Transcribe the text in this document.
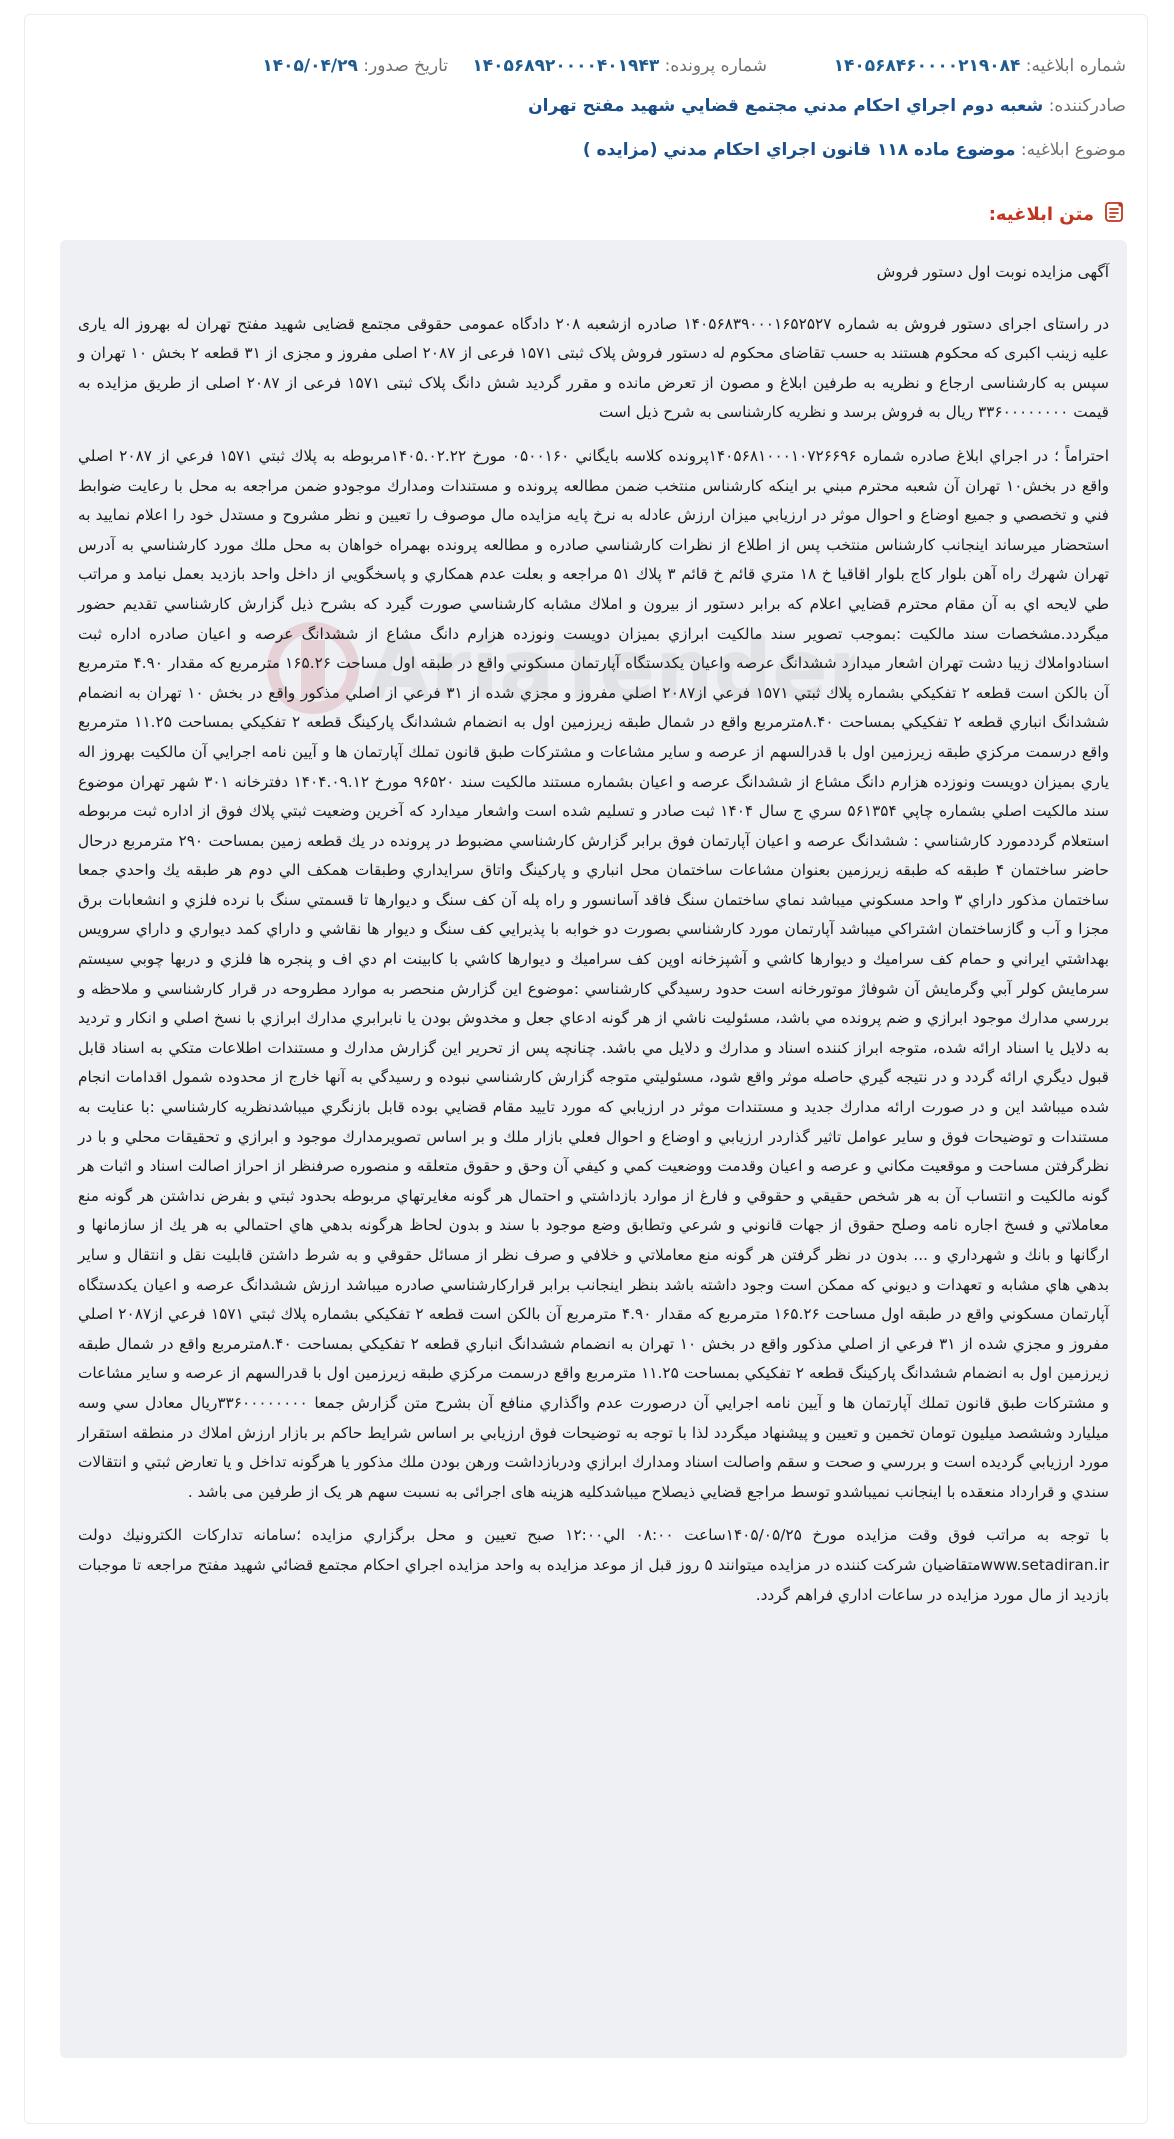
شماره ابلاغیه: ۱۴۰۵۶۸۴۶۰۰۰۰۲۱۹۰۸۴
شماره پرونده: ۱۴۰۵۶۸۹۲۰۰۰۰۴۰۱۹۴۳
تاریخ صدور: ۱۴۰۵/۰۴/۲۹
صادرکننده: شعبه دوم اجراي احكام مدني مجتمع قضايي شهيد مفتح تهران
موضوع ابلاغیه: موضوع ماده ۱۱۸ قانون اجراي احكام مدني (مزايده )
متن ابلاغیه:
AriaTender

آگهی مزایده نوبت اول دستور فروش

در راستای اجرای دستور فروش به شماره ۱۴۰۵۶۸۳۹۰۰۰۱۶۵۲۵۲۷ صادره ازشعبه ۲۰۸ دادگاه عمومی حقوقی مجتمع قضایی شهید مفتح تهران له بهروز اله یاری علیه زینب اکبری که محکوم هستند به حسب تقاضای محکوم له دستور فروش پلاک ثبتی ۱۵۷۱ فرعی از ۲۰۸۷ اصلی مفروز و مجزی از ۳۱ قطعه ۲ بخش ۱۰ تهران و سپس به کارشناسی ارجاع و نظریه به طرفین ابلاغ و مصون از تعرض مانده و مقرر گردید شش دانگ پلاک ثبتی ۱۵۷۱ فرعی از ۲۰۸۷ اصلی از طریق مزایده به قیمت ۳۳۶۰۰۰۰۰۰۰۰ ریال به فروش برسد و نظریه کارشناسی به شرح ذیل است

احتراماً ؛ در اجراي ابلاغ صادره شماره ۱۴۰۵۶۸۱۰۰۰۱۰۷۲۶۶۹۶پرونده كلاسه بايگاني ۰۵۰۰۱۶۰ مورخ ۱۴۰۵.۰۲.۲۲مربوطه به پلاك ثبتي ۱۵۷۱ فرعي از ۲۰۸۷ اصلي واقع در بخش۱۰ تهران آن شعبه محترم مبني بر اينكه كارشناس منتخب ضمن مطالعه پرونده و مستندات ومدارك موجودو ضمن مراجعه به محل با رعايت ضوابط فني و تخصصي و جميع اوضاع و احوال موثر در ارزيابي ميزان ارزش عادله به نرخ پايه مزايده مال موصوف را تعيين و نظر مشروح و مستدل خود را اعلام نماييد به استحضار ميرساند اينجانب كارشناس منتخب پس از اطلاع از نظرات كارشناسي صادره و مطالعه پرونده بهمراه خواهان به محل ملك مورد كارشناسي به آدرس تهران شهرك راه آهن بلوار كاج بلوار اقاقيا خ ۱۸ متري قائم خ قائم ۳ پلاك ۵۱ مراجعه و بعلت عدم همكاري و پاسخگويي از داخل واحد بازديد بعمل نيامد و مراتب طي لايحه اي به آن مقام محترم قضايي اعلام كه برابر دستور از بيرون و املاك مشابه كارشناسي صورت گيرد كه بشرح ذيل گزارش كارشناسي تقديم حضور ميگردد.مشخصات سند مالكيت :بموجب تصوير سند مالكيت ابرازي بميزان دويست ونوزده هزارم دانگ مشاع از ششدانگ عرصه و اعيان صادره اداره ثبت اسنادواملاك زيبا دشت تهران اشعار ميدارد ششدانگ عرصه واعيان يكدستگاه آپارتمان مسكوني واقع در طبقه اول مساحت ۱۶۵.۲۶ مترمربع كه مقدار ۴.۹۰ مترمربع آن بالكن است قطعه ۲ تفكيكي بشماره پلاك ثبتي ۱۵۷۱ فرعي از۲۰۸۷ اصلي مفروز و مجزي شده از ۳۱ فرعي از اصلي مذكور واقع در بخش ۱۰ تهران به انضمام ششدانگ انباري قطعه ۲ تفكيكي بمساحت ۸.۴۰مترمربع واقع در شمال طبقه زيرزمين اول به انضمام ششدانگ پاركينگ قطعه ۲ تفكيكي بمساحت ۱۱.۲۵ مترمربع واقع درسمت مركزي طبقه زيرزمين اول با قدرالسهم از عرصه و ساير مشاعات و مشتركات طبق قانون تملك آپارتمان ها و آيين نامه اجرايي آن مالكيت بهروز اله ياري بميزان دويست ونوزده هزارم دانگ مشاع از ششدانگ عرصه و اعيان بشماره مستند مالكيت سند ۹۶۵۲۰ مورخ ۱۴۰۴.۰۹.۱۲ دفترخانه ۳۰۱ شهر تهران موضوع سند مالكيت اصلي بشماره چاپي ۵۶۱۳۵۴ سري ج سال ۱۴۰۴ ثبت صادر و تسليم شده است واشعار ميدارد كه آخرين وضعيت ثبتي پلاك فوق از اداره ثبت مربوطه استعلام گرددمورد كارشناسي : ششدانگ عرصه و اعيان آپارتمان فوق برابر گزارش كارشناسي مضبوط در پرونده در يك قطعه زمين بمساحت ۲۹۰ مترمربع درحال حاضر ساختمان ۴ طبقه كه طبقه زيرزمين بعنوان مشاعات ساختمان محل انباري و پاركينگ واتاق سرايداري وطبقات همكف الي دوم هر طبقه يك واحدي جمعا ساختمان مذكور داراي ۳ واحد مسكوني ميباشد نماي ساختمان سنگ فاقد آسانسور و راه پله آن كف سنگ و ديوارها تا قسمتي سنگ با نرده فلزي و انشعابات برق مجزا و آب و گازساختمان اشتراكي ميباشد آپارتمان مورد كارشناسي بصورت دو خوابه با پذيرايي كف سنگ و ديوار ها نقاشي و داراي كمد ديواري و داراي سرويس بهداشتي ايراني و حمام كف سراميك و ديوارها كاشي و آشپزخانه اوپن كف سراميك و ديوارها كاشي با كابينت ام دي اف و پنجره ها فلزي و دربها چوبي سيستم سرمايش كولر آبي وگرمايش آن شوفاژ موتورخانه است حدود رسيدگي كارشناسي :موضوع اين گزارش منحصر به موارد مطروحه در قرار كارشناسي و ملاحظه و بررسي مدارك موجود ابرازي و ضم پرونده مي باشد، مسئوليت ناشي از هر گونه ادعاي جعل و مخدوش بودن يا نابرابري مدارك ابرازي با نسخ اصلي و انكار و ترديد به دلايل يا اسناد ارائه شده، متوجه ابراز كننده اسناد و مدارك و دلايل مي باشد. چنانچه پس از تحرير اين گزارش مدارك و مستندات اطلاعات متكي به اسناد قابل قبول ديگري ارائه گردد و در نتيجه گيري حاصله موثر واقع شود، مسئوليتي متوجه گزارش كارشناسي نبوده و رسيدگي به آنها خارج از محدوده شمول اقدامات انجام شده ميباشد اين و در صورت ارائه مدارك جديد و مستندات موثر در ارزيابي كه مورد تاييد مقام قضايي بوده قابل بازنگري ميباشدنظريه كارشناسي :با عنايت به مستندات و توضيحات فوق و ساير عوامل تاثير گذاردر ارزيابي و اوضاع و احوال فعلي بازار ملك و بر اساس تصويرمدارك موجود و ابرازي و تحقيقات محلي و با در نظرگرفتن مساحت و موقعيت مكاني و عرصه و اعيان وقدمت ووضعيت كمي و كيفي آن وحق و حقوق متعلقه و منصوره صرفنظر از احراز اصالت اسناد و اثبات هر گونه مالكيت و انتساب آن به هر شخص حقيقي و حقوقي و فارغ از موارد بازداشتي و احتمال هر گونه مغايرتهاي مربوطه بحدود ثبتي و بفرض نداشتن هر گونه منع معاملاتي و فسخ اجاره نامه وصلح حقوق از جهات قانوني و شرعي وتطابق وضع موجود با سند و بدون لحاظ هرگونه بدهي هاي احتمالي به هر يك از سازمانها و ارگانها و بانك و شهرداري و ... بدون در نظر گرفتن هر گونه منع معاملاتي و خلافي و صرف نظر از مسائل حقوقي و به شرط داشتن قابليت نقل و انتقال و ساير بدهي هاي مشابه و تعهدات و ديوني كه ممكن است وجود داشته باشد بنظر اينجانب برابر قراركارشناسي صادره ميباشد ارزش ششدانگ عرصه و اعيان يكدستگاه آپارتمان مسكوني واقع در طبقه اول مساحت ۱۶۵.۲۶ مترمربع كه مقدار ۴.۹۰ مترمربع آن بالكن است قطعه ۲ تفكيكي بشماره پلاك ثبتي ۱۵۷۱ فرعي از۲۰۸۷ اصلي مفروز و مجزي شده از ۳۱ فرعي از اصلي مذكور واقع در بخش ۱۰ تهران به انضمام ششدانگ انباري قطعه ۲ تفكيكي بمساحت ۸.۴۰مترمربع واقع در شمال طبقه زيرزمين اول به انضمام ششدانگ پاركينگ قطعه ۲ تفكيكي بمساحت ۱۱.۲۵ مترمربع واقع درسمت مركزي طبقه زيرزمين اول با قدرالسهم از عرصه و ساير مشاعات و مشتركات طبق قانون تملك آپارتمان ها و آيين نامه اجرايي آن درصورت عدم واگذاري منافع آن بشرح متن گزارش جمعا ۳۳۶۰۰۰۰۰۰۰۰ريال معادل سي وسه ميليارد وششصد ميليون تومان تخمين و تعيين و پيشنهاد ميگردد لذا با توجه به توضيحات فوق ارزيابي بر اساس شرايط حاكم بر بازار ارزش املاك در منطقه استقرار مورد ارزيابي گرديده است و بررسي و صحت و سقم واصالت اسناد ومدارك ابرازي ودربازداشت ورهن بودن ملك مذكور يا هرگونه تداخل و يا تعارض ثبتي و انتقالات سندي و قرارداد منعقده با اينجانب نميباشدو توسط مراجع قضايي ذيصلاح ميباشدكليه هزينه های اجرائی به نسبت سهم هر یک از طرفین می باشد .

با توجه به مراتب فوق وقت مزايده مورخ ۱۴۰۵/۰۵/۲۵ساعت ۰۸:۰۰ الي۱۲:۰۰ صبح تعيين و محل برگزاري مزايده ؛سامانه تداركات الكترونيك دولت www.setadiran.irمتقاضيان شركت كننده در مزايده ميتوانند ۵ روز قبل از موعد مزايده به واحد مزايده اجراي احكام مجتمع قضائي شهيد مفتح مراجعه تا موجبات بازديد از مال مورد مزايده در ساعات اداري فراهم گردد.
